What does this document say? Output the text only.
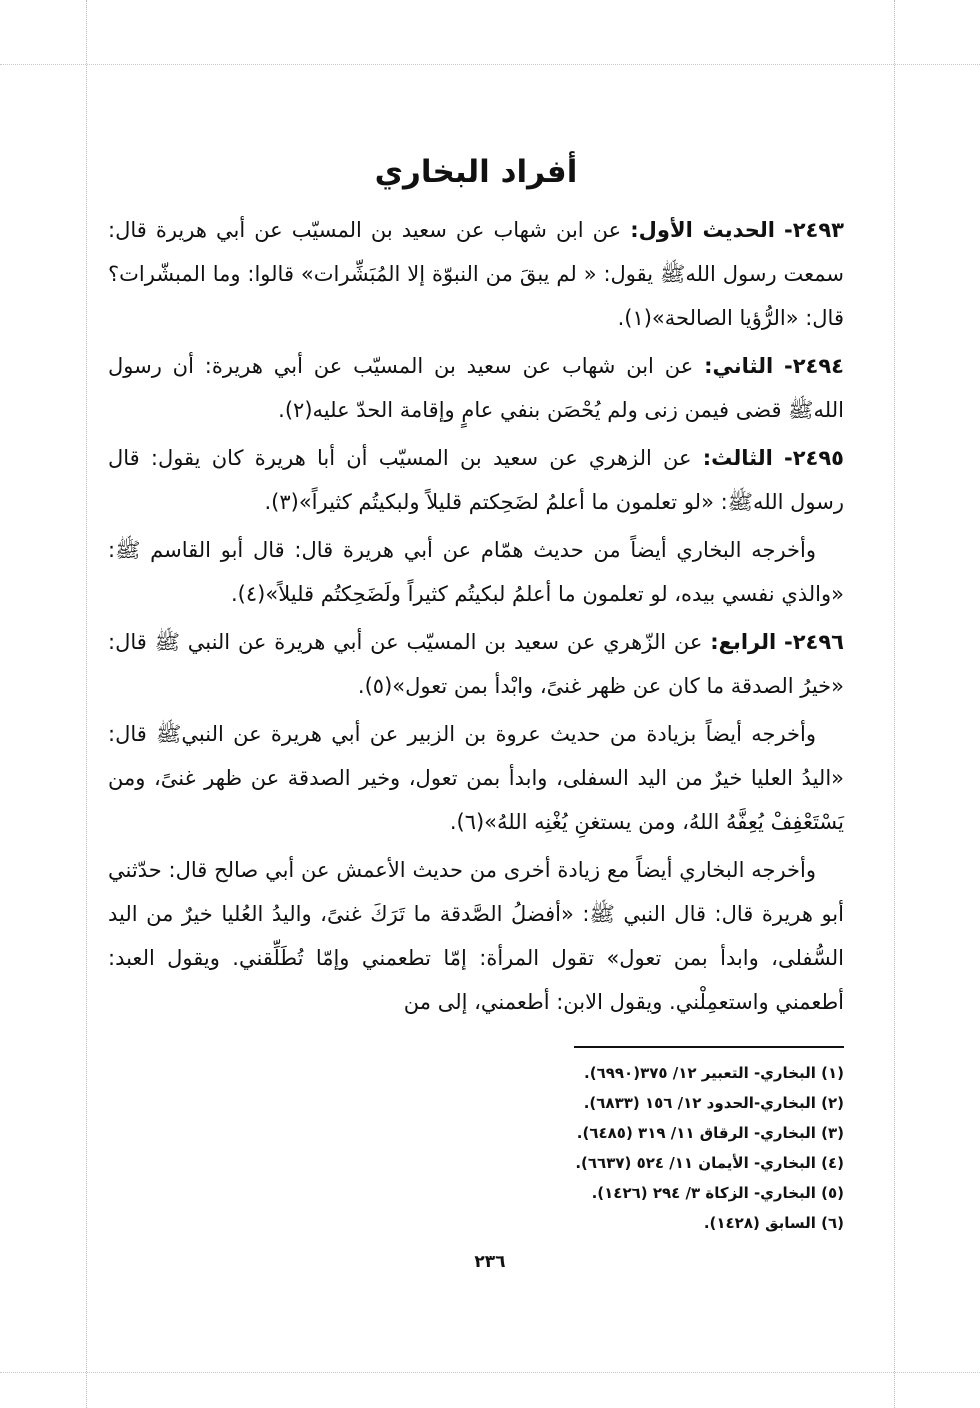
أفراد البخاري

٢٤٩٣- الحديث الأول: عن ابن شهاب عن سعيد بن المسيّب عن أبي هريرة قال: سمعت رسول اللهﷺ يقول: « لم يبقَ من النبوّة إلا المُبَشِّرات» قالوا: وما المبشّرات؟ قال: «الرُّؤيا الصالحة»(١).

٢٤٩٤- الثاني: عن ابن شهاب عن سعيد بن المسيّب عن أبي هريرة: أن رسول اللهﷺ قضى فيمن زنى ولم يُحْصَن بنفي عامٍ وإقامة الحدّ عليه(٢).

٢٤٩٥- الثالث: عن الزهري عن سعيد بن المسيّب أن أبا هريرة كان يقول: قال رسول اللهﷺ: «لو تعلمون ما أعلمُ لضَحِكتم قليلاً ولبكيتُم كثيراً»(٣).

وأخرجه البخاري أيضاً من حديث همّام عن أبي هريرة قال: قال أبو القاسم ﷺ: «والذي نفسي بيده، لو تعلمون ما أعلمُ لبكيتُم كثيراً ولَضَحِكتُم قليلاً»(٤).

٢٤٩٦- الرابع: عن الزّهري عن سعيد بن المسيّب عن أبي هريرة عن النبي ﷺ قال: «خيرُ الصدقة ما كان عن ظهر غنىً، وابْدأ بمن تعول»(٥).

وأخرجه أيضاً بزيادة من حديث عروة بن الزبير عن أبي هريرة عن النبيﷺ قال: «اليدُ العليا خيرٌ من اليد السفلى، وابدأ بمن تعول، وخير الصدقة عن ظهر غنىً، ومن يَسْتَعْفِفْ يُعِفَّهُ اللهُ، ومن يستغنِ يُغْنِه اللهُ»(٦).

وأخرجه البخاري أيضاً مع زيادة أخرى من حديث الأعمش عن أبي صالح قال: حدّثني أبو هريرة قال: قال النبي ﷺ: «أفضلُ الصَّدقة ما تَرَكَ غنىً، واليدُ العُليا خيرٌ من اليد السُّفلى، وابدأ بمن تعول» تقول المرأة: إمّا تطعمني وإمّا تُطَلِّقني. ويقول العبد: أطعمني واستعمِلْني. ويقول الابن: أطعمني، إلى من

(١) البخاري- التعبير ١٢/ ٣٧٥(٦٩٩٠).
(٢) البخاري-الحدود ١٢/ ١٥٦ (٦٨٣٣).
(٣) البخاري- الرقاق ١١/ ٣١٩ (٦٤٨٥).
(٤) البخاري- الأيمان ١١/ ٥٢٤ (٦٦٣٧).
(٥) البخاري- الزكاة ٣/ ٢٩٤ (١٤٢٦).
(٦) السابق (١٤٢٨).
٢٣٦
